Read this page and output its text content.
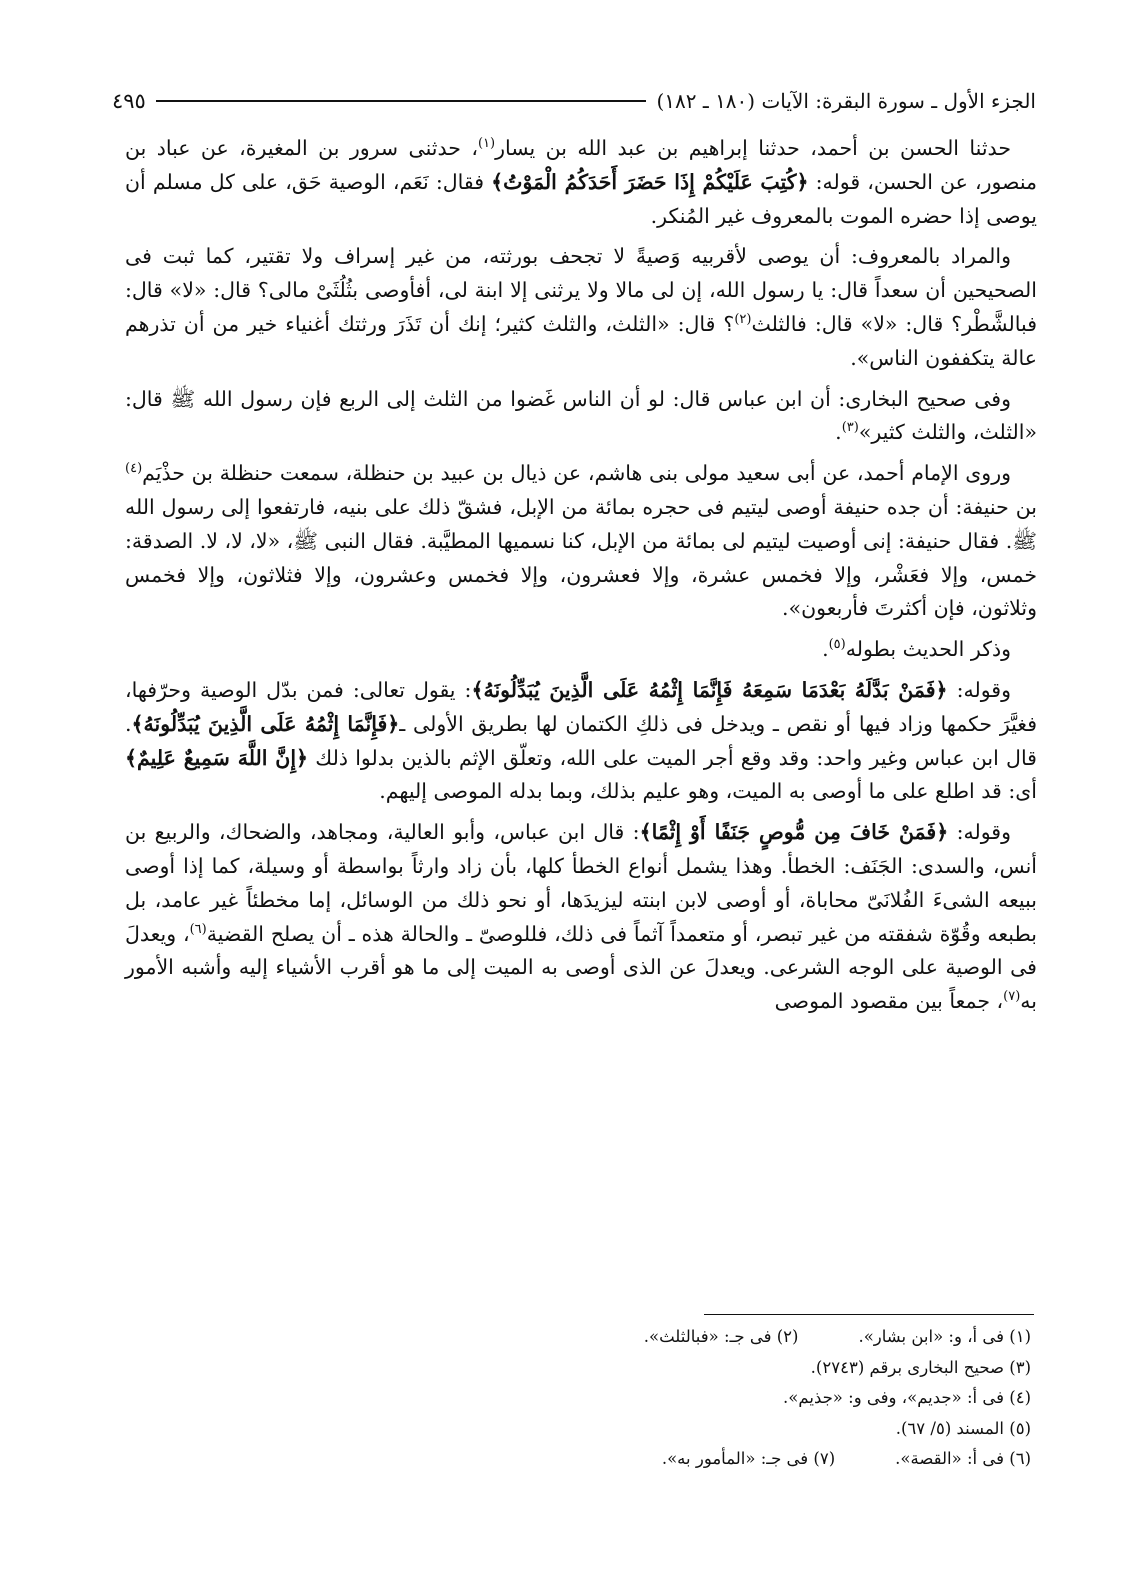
الجزء الأول ـ سورة البقرة: الآيات (١٨٠ ـ ١٨٢)
٤٩٥

حدثنا الحسن بن أحمد، حدثنا إبراهيم بن عبد الله بن يسار$^{(١)}$، حدثنى سرور بن المغيرة، عن عباد بن منصور، عن الحسن، قوله: ﴿كُتِبَ عَلَيْكُمْ إِذَا حَضَرَ أَحَدَكُمُ الْمَوْتُ﴾ فقال: نَعَم، الوصية حَق، على كل مسلم أن يوصى إذا حضره الموت بالمعروف غير المُنكر.

والمراد بالمعروف: أن يوصى لأقربيه وَصيةً لا تجحف بورثته، من غير إسراف ولا تقتير، كما ثبت فى الصحيحين أن سعداً قال: يا رسول الله، إن لى مالا ولا يرثنى إلا ابنة لى، أفأوصى بثُلُثَىْ مالى؟ قال: «لا» قال: فبالشَّطْر؟ قال: «لا» قال: فالثلث$^{(٢)}$؟ قال: «الثلث، والثلث كثير؛ إنك أن تَذَرَ ورثتك أغنياء خير من أن تذرهم عالة يتكففون الناس».

وفى صحيح البخارى: أن ابن عباس قال: لو أن الناس غَضوا من الثلث إلى الربع فإن رسول الله ﷺ قال: «الثلث، والثلث كثير»$^{(٣)}$.

وروى الإمام أحمد، عن أبى سعيد مولى بنى هاشم، عن ذيال بن عبيد بن حنظلة، سمعت حنظلة بن حذْيَم$^{(٤)}$ بن حنيفة: أن جده حنيفة أوصى ليتيم فى حجره بمائة من الإبل، فشقّ ذلك على بنيه، فارتفعوا إلى رسول الله ﷺ. فقال حنيفة: إنى أوصيت ليتيم لى بمائة من الإبل، كنا نسميها المطيَّبة. فقال النبى ﷺ، «لا، لا، لا. الصدقة: خمس، وإلا فعَشْر، وإلا فخمس عشرة، وإلا فعشرون، وإلا فخمس وعشرون، وإلا فثلاثون، وإلا فخمس وثلاثون، فإن أكثرتَ فأربعون».

وذكر الحديث بطوله$^{(٥)}$.

وقوله: ﴿فَمَنْ بَدَّلَهُ بَعْدَمَا سَمِعَهُ فَإِنَّمَا إِثْمُهُ عَلَى الَّذِينَ يُبَدِّلُونَهُ﴾: يقول تعالى: فمن بدّل الوصية وحرّفها، فغيَّرَ حكمها وزاد فيها أو نقص ـ ويدخل فى ذلكِ الكتمان لها بطريق الأولى ـ﴿فَإِنَّمَا إِثْمُهُ عَلَى الَّذِينَ يُبَدِّلُونَهُ﴾. قال ابن عباس وغير واحد: وقد وقع أجر الميت على الله، وتعلّق الإثم بالذين بدلوا ذلك ﴿إِنَّ اللَّهَ سَمِيعٌ عَلِيمٌ﴾ أى: قد اطلع على ما أوصى به الميت، وهو عليم بذلك، وبما بدله الموصى إليهم.

وقوله: ﴿فَمَنْ خَافَ مِن مُّوصٍ جَنَفًا أَوْ إِثْمًا﴾: قال ابن عباس، وأبو العالية، ومجاهد، والضحاك، والربيع بن أنس، والسدى: الجَنَف: الخطأ. وهذا يشمل أنواع الخطأ كلها، بأن زاد وارثاً بواسطة أو وسيلة، كما إذا أوصى ببيعه الشىءَ الفُلانَىّ محاباة، أو أوصى لابن ابنته ليزيدَها، أو نحو ذلك من الوسائل، إما مخطئاً غير عامد، بل بطبعه وقُوّة شفقته من غير تبصر، أو متعمداً آثماً فى ذلك، فللوصىّ ـ والحالة هذه ـ أن يصلح القضية$^{(٦)}$، ويعدلَ فى الوصية على الوجه الشرعى. ويعدلَ عن الذى أوصى به الميت إلى ما هو أقرب الأشياء إليه وأشبه الأمور به$^{(٧)}$، جمعاً بين مقصود الموصى

(١) فى أ، و: «ابن بشار».
(٢) فى جـ: «فبالثلث».
(٣) صحيح البخارى برقم (٢٧٤٣).
(٤) فى أ: «جديم»، وفى و: «جذيم».
(٥) المسند (٥/ ٦٧).
(٦) فى أ: «القصة».
(٧) فى جـ: «المأمور به».
